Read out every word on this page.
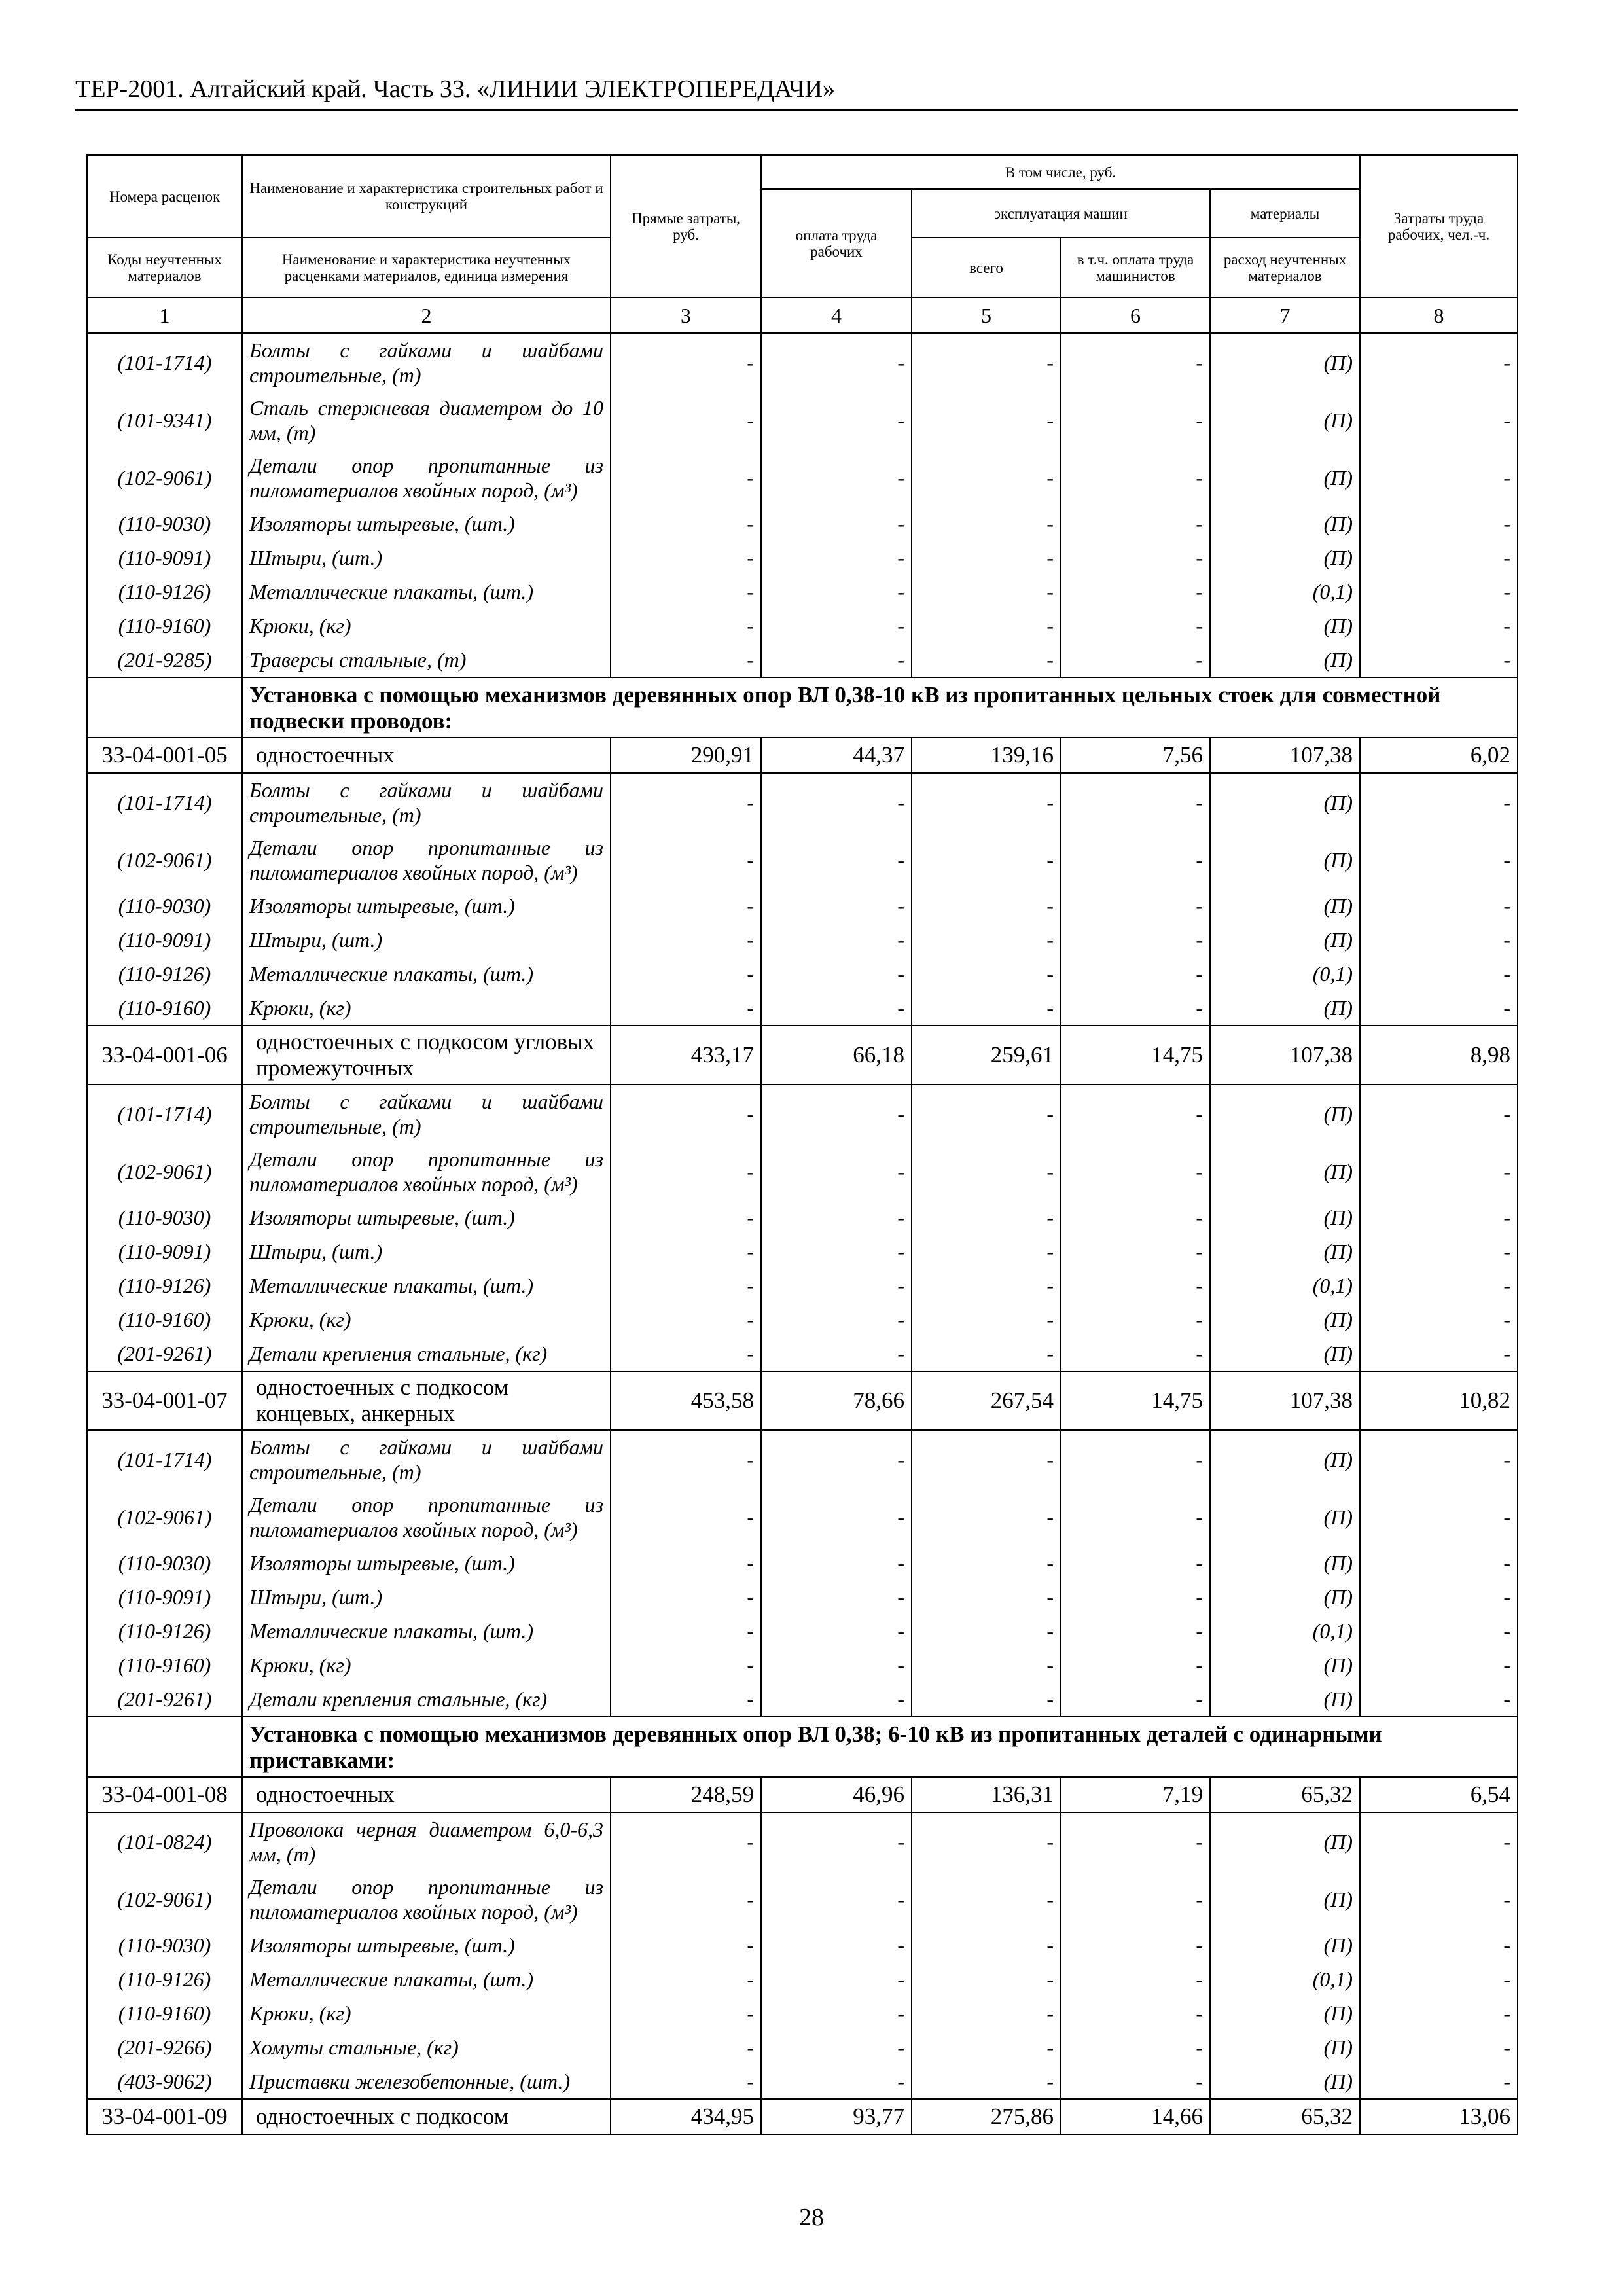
ТЕР-2001. Алтайский край. Часть 33. «ЛИНИИ ЭЛЕКТРОПЕРЕДАЧИ»
Номера расценок	Наименование и характеристика строительных работ и конструкций	Прямые затраты, руб.	В том числе, руб.				Затраты труда рабочих, чел.-ч.
			оплата труда рабочих	эксплуатация машин		материалы	
Коды неучтенных материалов	Наименование и характеристика неучтенных расценками материалов, единица измерения			всего	в т.ч. оплата труда машинистов	расход неучтенных материалов	
1	2	3	4	5	6	7	8
(101-1714)	Болты с гайками и шайбами строительные, (т)	-	-	-	-	(П)	-
(101-9341)	Сталь стержневая диаметром до 10 мм, (т)	-	-	-	-	(П)	-
(102-9061)	Детали опор пропитанные из пиломатериалов хвойных пород, (м³)	-	-	-	-	(П)	-
(110-9030)	Изоляторы штыревые, (шт.)	-	-	-	-	(П)	-
(110-9091)	Штыри, (шт.)	-	-	-	-	(П)	-
(110-9126)	Металлические плакаты, (шт.)	-	-	-	-	(0,1)	-
(110-9160)	Крюки, (кг)	-	-	-	-	(П)	-
(201-9285)	Траверсы стальные, (т)	-	-	-	-	(П)	-
	Установка с помощью механизмов деревянных опор ВЛ 0,38-10 кВ из пропитанных цельных стоек для совместной подвески проводов:						
33-04-001-05	одностоечных	290,91	44,37	139,16	7,56	107,38	6,02
(101-1714)	Болты с гайками и шайбами строительные, (т)	-	-	-	-	(П)	-
(102-9061)	Детали опор пропитанные из пиломатериалов хвойных пород, (м³)	-	-	-	-	(П)	-
(110-9030)	Изоляторы штыревые, (шт.)	-	-	-	-	(П)	-
(110-9091)	Штыри, (шт.)	-	-	-	-	(П)	-
(110-9126)	Металлические плакаты, (шт.)	-	-	-	-	(0,1)	-
(110-9160)	Крюки, (кг)	-	-	-	-	(П)	-
33-04-001-06	одностоечных с подкосом угловых промежуточных	433,17	66,18	259,61	14,75	107,38	8,98
(101-1714)	Болты с гайками и шайбами строительные, (т)	-	-	-	-	(П)	-
(102-9061)	Детали опор пропитанные из пиломатериалов хвойных пород, (м³)	-	-	-	-	(П)	-
(110-9030)	Изоляторы штыревые, (шт.)	-	-	-	-	(П)	-
(110-9091)	Штыри, (шт.)	-	-	-	-	(П)	-
(110-9126)	Металлические плакаты, (шт.)	-	-	-	-	(0,1)	-
(110-9160)	Крюки, (кг)	-	-	-	-	(П)	-
(201-9261)	Детали крепления стальные, (кг)	-	-	-	-	(П)	-
33-04-001-07	одностоечных с подкосом концевых, анкерных	453,58	78,66	267,54	14,75	107,38	10,82
(101-1714)	Болты с гайками и шайбами строительные, (т)	-	-	-	-	(П)	-
(102-9061)	Детали опор пропитанные из пиломатериалов хвойных пород, (м³)	-	-	-	-	(П)	-
(110-9030)	Изоляторы штыревые, (шт.)	-	-	-	-	(П)	-
(110-9091)	Штыри, (шт.)	-	-	-	-	(П)	-
(110-9126)	Металлические плакаты, (шт.)	-	-	-	-	(0,1)	-
(110-9160)	Крюки, (кг)	-	-	-	-	(П)	-
(201-9261)	Детали крепления стальные, (кг)	-	-	-	-	(П)	-
	Установка с помощью механизмов деревянных опор ВЛ 0,38; 6-10 кВ из пропитанных деталей с одинарными приставками:						
33-04-001-08	одностоечных	248,59	46,96	136,31	7,19	65,32	6,54
(101-0824)	Проволока черная диаметром 6,0-6,3 мм, (т)	-	-	-	-	(П)	-
(102-9061)	Детали опор пропитанные из пиломатериалов хвойных пород, (м³)	-	-	-	-	(П)	-
(110-9030)	Изоляторы штыревые, (шт.)	-	-	-	-	(П)	-
(110-9126)	Металлические плакаты, (шт.)	-	-	-	-	(0,1)	-
(110-9160)	Крюки, (кг)	-	-	-	-	(П)	-
(201-9266)	Хомуты стальные, (кг)	-	-	-	-	(П)	-
(403-9062)	Приставки железобетонные, (шт.)	-	-	-	-	(П)	-
33-04-001-09	одностоечных с подкосом	434,95	93,77	275,86	14,66	65,32	13,06
28
